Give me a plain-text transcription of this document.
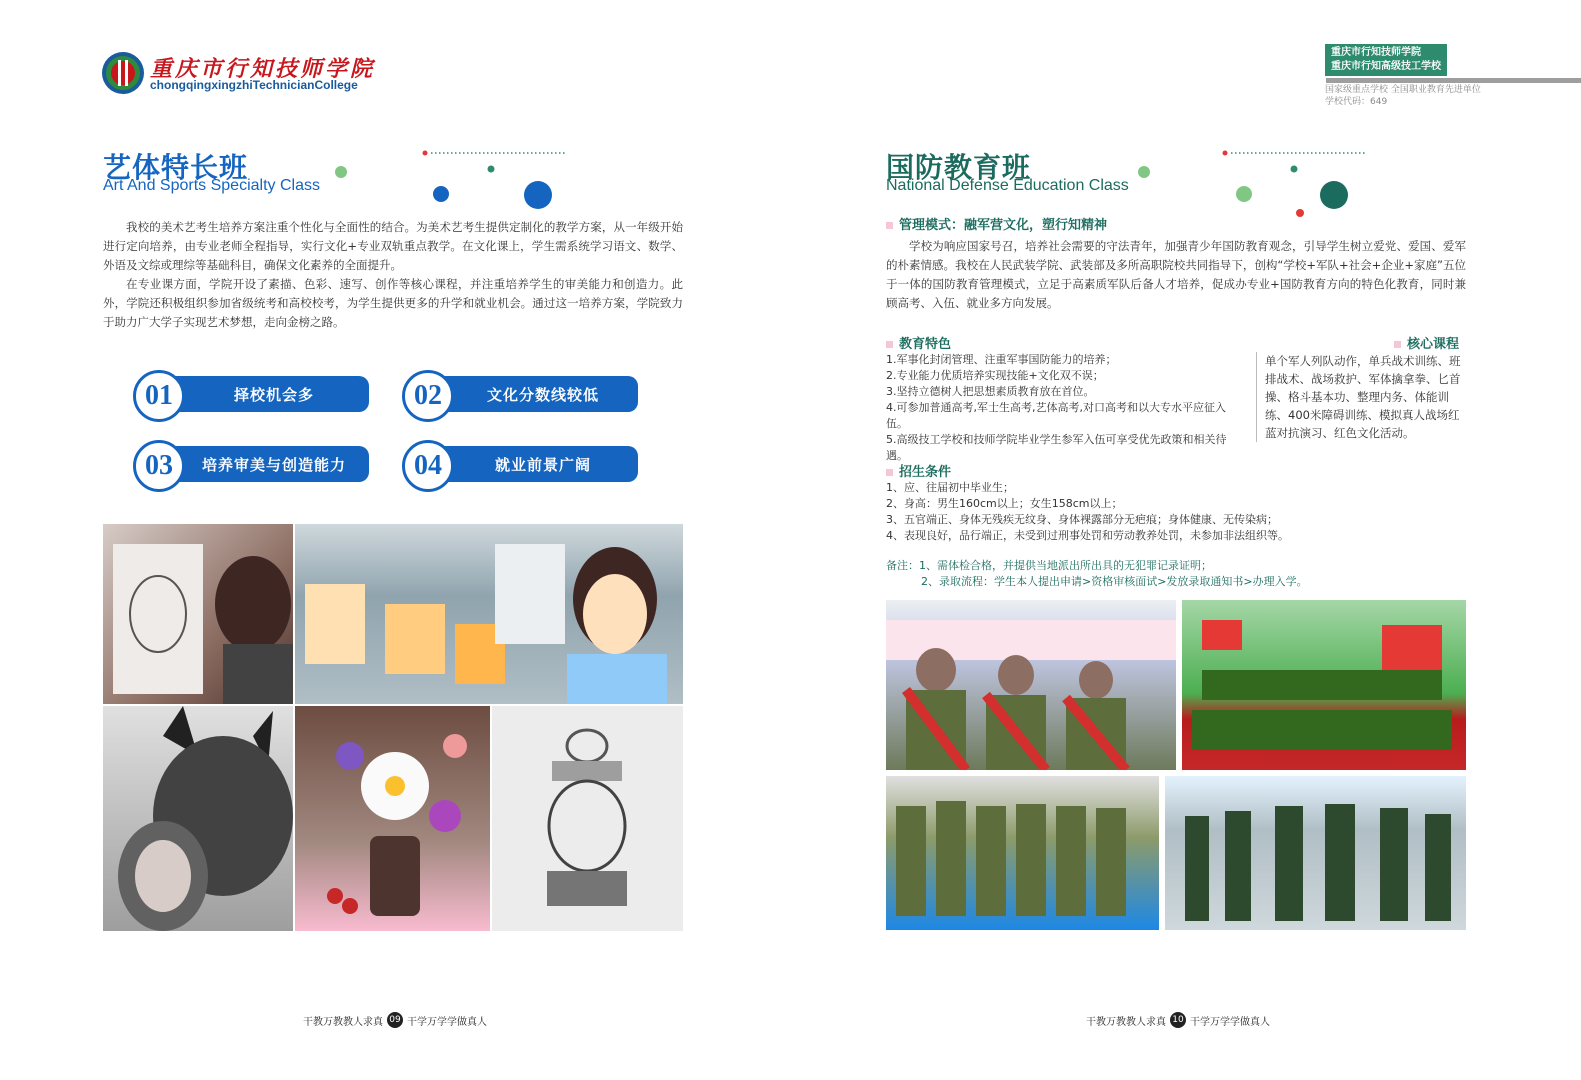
重庆市行知技师学院
chongqingxingzhiTechnicianCollege
艺体特长班
Art And Sports Specialty Class

我校的美术艺考生培养方案注重个性化与全面性的结合。为美术艺考生提供定制化的教学方案，从一年级开始进行定向培养，由专业老师全程指导，实行文化+专业双轨重点教学。在文化课上，学生需系统学习语文、数学、外语及文综或理综等基础科目，确保文化素养的全面提升。

在专业课方面，学院开设了素描、色彩、速写、创作等核心课程，并注重培养学生的审美能力和创造力。此外，学院还积极组织参加省级统考和高校校考，为学生提供更多的升学和就业机会。通过这一培养方案，学院致力于助力广大学子实现艺术梦想，走向金榜之路。

01	择校机会多	02	文化分数线较低
03	培养审美与创造能力	04	就业前景广阔
干教万教教人求真 09 干学万学学做真人
重庆市行知技师学院
重庆市行知高级技工学校
国家级重点学校 全国职业教育先进单位
学校代码：649
国防教育班
National Defense Education Class
管理模式：融军营文化，塑行知精神

学校为响应国家号召，培养社会需要的守法青年，加强青少年国防教育观念，引导学生树立爱党、爱国、爱军的朴素情感。我校在人民武装学院、武装部及多所高职院校共同指导下，创构“学校+军队+社会+企业+家庭”五位于一体的国防教育管理模式，立足于高素质军队后备人才培养，促成办专业+国防教育方向的特色化教育，同时兼顾高考、入伍、就业多方向发展。

教育特色
1.军事化封闭管理、注重军事国防能力的培养；
2.专业能力优质培养实现技能+文化双不误；
3.坚持立德树人把思想素质教育放在首位。
4.可参加普通高考,军士生高考,艺体高考,对口高考和以大专水平应征入伍。
5.高级技工学校和技师学院毕业学生参军入伍可享受优先政策和相关待遇。
核心课程
单个军人列队动作，单兵战术训练、班排战术、战场救护、军体擒拿拳、匕首操、格斗基本功、整理内务、体能训练、400米障碍训练、模拟真人战场红蓝对抗演习、红色文化活动。
招生条件
1、应、往届初中毕业生；
2、身高：男生160cm以上；女生158cm以上；
3、五官端正、身体无残疾无纹身、身体裸露部分无疤痕；身体健康、无传染病；
4、表现良好，品行端正，未受到过刑事处罚和劳动教养处罚，未参加非法组织等。
备注：1、需体检合格，并提供当地派出所出具的无犯罪记录证明；
2、录取流程：学生本人提出申请>资格审核面试>发放录取通知书>办理入学。
干教万教教人求真 10 干学万学学做真人
